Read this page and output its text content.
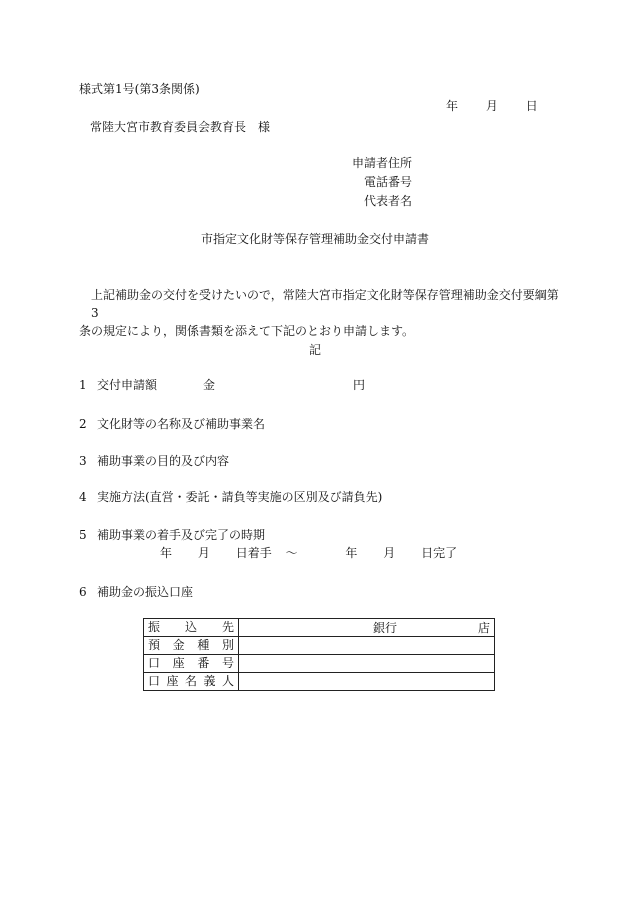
様式第1号(第3条関係)
年 月 日
常陸大宮市教育委員会教育長　様
申請者住所
電話番号
代表者名
市指定文化財等保存管理補助金交付申請書
上記補助金の交付を受けたいので，常陸大宮市指定文化財等保存管理補助金交付要綱第3
条の規定により，関係書類を添えて下記のとおり申請します。
記
1 交付申請額	金	円
2 文化財等の名称及び補助事業名
3 補助事業の目的及び内容
4 実施方法(直営・委託・請負等実施の区別及び請負先)
5 補助事業の着手及び完了の時期
年 月 日着手 ～	年 月 日完了
6 補助金の振込口座
振込先	銀行 店

預金種別	
口座番号	
口座名義人	
